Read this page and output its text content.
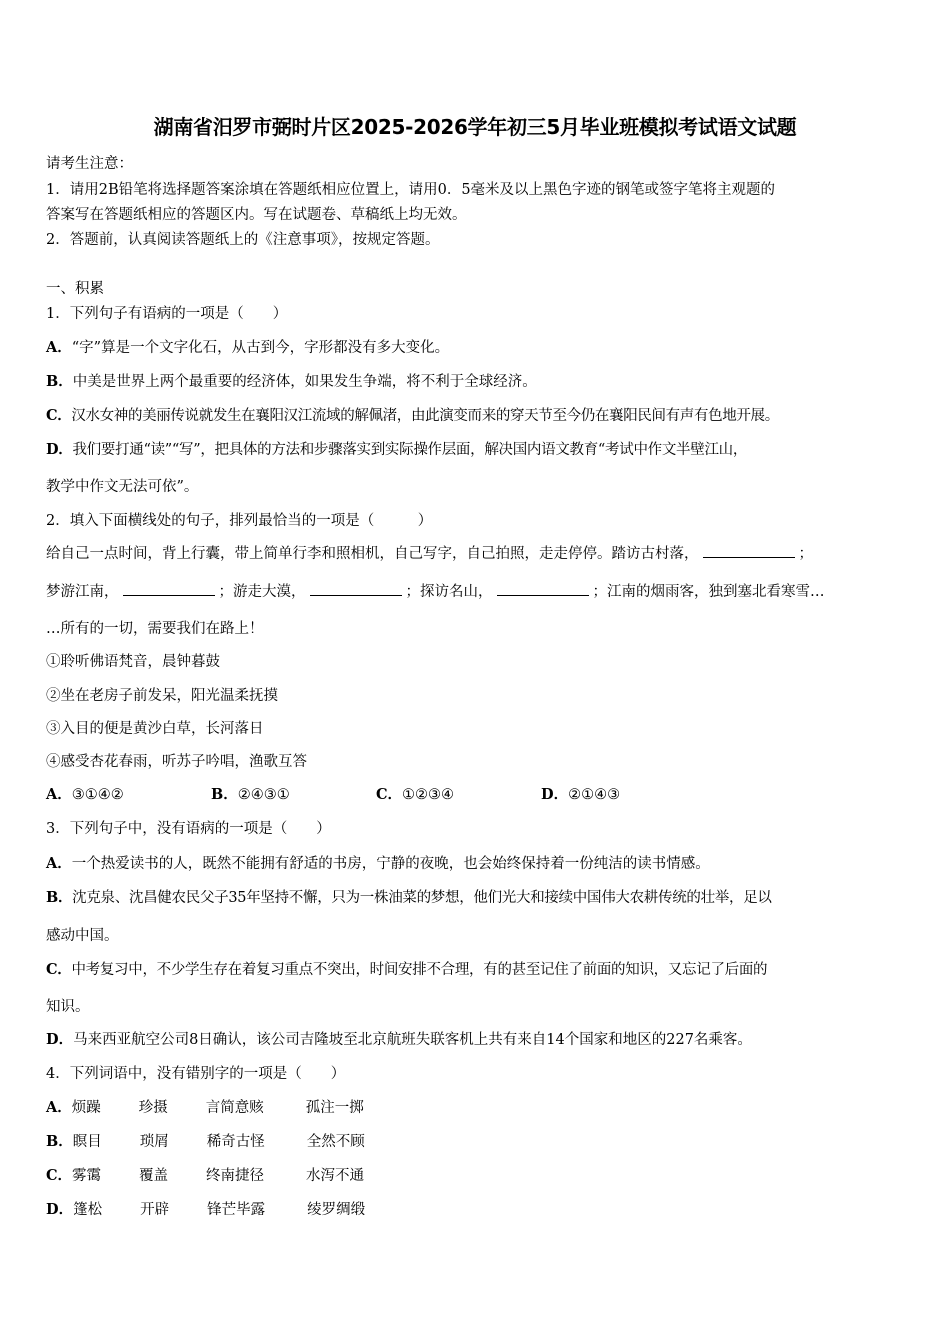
湖南省汨罗市弼时片区2025-2026学年初三5月毕业班模拟考试语文试题
请考生注意：
1．请用2B铅笔将选择题答案涂填在答题纸相应位置上，请用0．5毫米及以上黑色字迹的钢笔或签字笔将主观题的
答案写在答题纸相应的答题区内。写在试题卷、草稿纸上均无效。
2．答题前，认真阅读答题纸上的《注意事项》，按规定答题。
一、积累
1．下列句子有语病的一项是（　　）
A．“字”算是一个文字化石，从古到今，字形都没有多大变化。
B．中美是世界上两个最重要的经济体，如果发生争端，将不利于全球经济。
C．汉水女神的美丽传说就发生在襄阳汉江流域的解佩渚，由此演变而来的穿天节至今仍在襄阳民间有声有色地开展。
D．我们要打通“读”“写”，把具体的方法和步骤落实到实际操作层面，解决国内语文教育“考试中作文半壁江山，
教学中作文无法可依”。
2．填入下面横线处的句子，排列最恰当的一项是（　　　）
给自己一点时间，背上行囊，带上简单行李和照相机，自己写字，自己拍照，走走停停。踏访古村落，	；
梦游江南，	；游走大漠，	；探访名山，	；江南的烟雨客，独到塞北看寒雪…
…所有的一切，需要我们在路上！
①聆听佛语梵音，晨钟暮鼓
②坐在老房子前发呆，阳光温柔抚摸
③入目的便是黄沙白草，长河落日
④感受杏花春雨，听苏子吟唱，渔歌互答
A．③①④②	B．②④③①	C．①②③④	D．②①④③
3．下列句子中，没有语病的一项是（　　）
A．一个热爱读书的人，既然不能拥有舒适的书房，宁静的夜晚，也会始终保持着一份纯洁的读书情感。
B．沈克泉、沈昌健农民父子35年坚持不懈，只为一株油菜的梦想，他们光大和接续中国伟大农耕传统的壮举，足以
感动中国。
C．中考复习中，不少学生存在着复习重点不突出，时间安排不合理，有的甚至记住了前面的知识，又忘记了后面的
知识。
D．马来西亚航空公司8日确认，该公司吉隆坡至北京航班失联客机上共有来自14个国家和地区的227名乘客。
4．下列词语中，没有错别字的一项是（　　）
A．烦躁	珍摄	言简意赅	孤注一掷
B．瞑目	琐屑	稀奇古怪	全然不顾
C．雾霭	覆盖	终南捷径	水泻不通
D．篷松	开辟	锋芒毕露	绫罗绸缎
